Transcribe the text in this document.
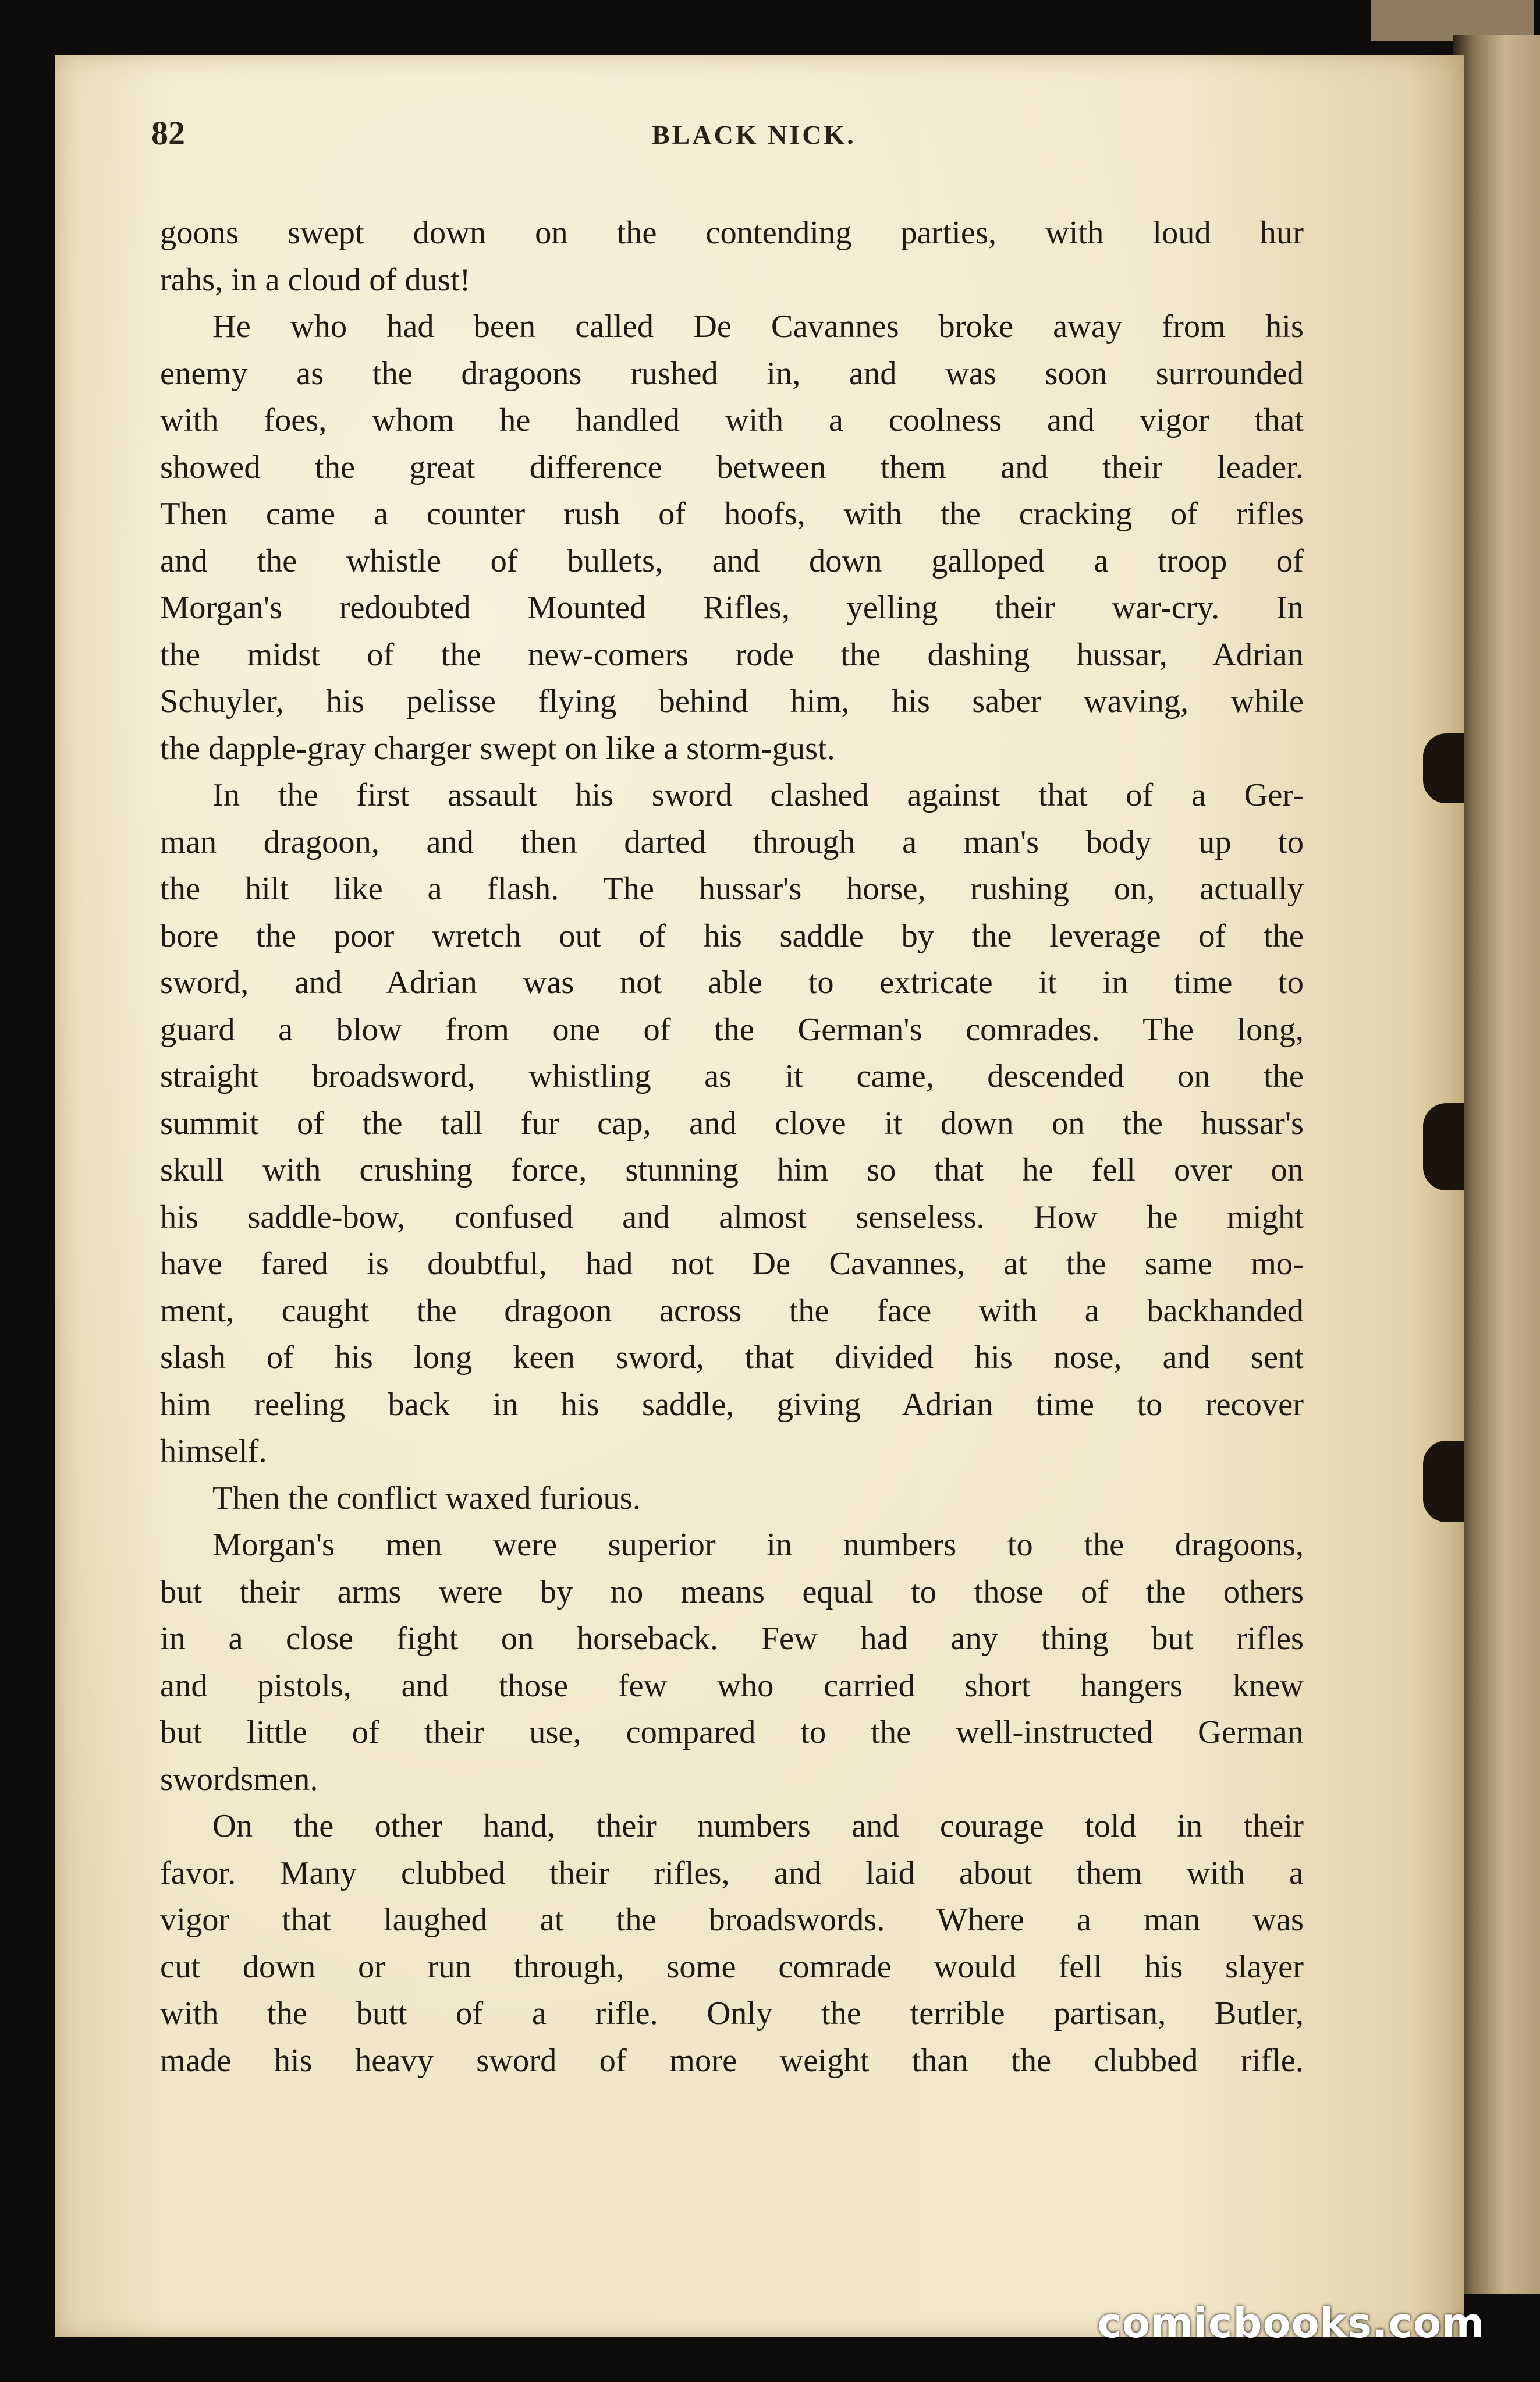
82	BLACK NICK.

goons swept down on the contending parties, with loud hur
rahs, in a cloud of dust!

He who had been called De Cavannes broke away from his
enemy as the dragoons rushed in, and was soon surrounded
with foes, whom he handled with a coolness and vigor that
showed the great difference between them and their leader.
Then came a counter rush of hoofs, with the cracking of rifles
and the whistle of bullets, and down galloped a troop of
Morgan's redoubted Mounted Rifles, yelling their war-cry. In
the midst of the new-comers rode the dashing hussar, Adrian
Schuyler, his pelisse flying behind him, his saber waving, while
the dapple-gray charger swept on like a storm-gust.

In the first assault his sword clashed against that of a Ger-
man dragoon, and then darted through a man's body up to
the hilt like a flash. The hussar's horse, rushing on, actually
bore the poor wretch out of his saddle by the leverage of the
sword, and Adrian was not able to extricate it in time to
guard a blow from one of the German's comrades. The long,
straight broadsword, whistling as it came, descended on the
summit of the tall fur cap, and clove it down on the hussar's
skull with crushing force, stunning him so that he fell over on
his saddle-bow, confused and almost senseless. How he might
have fared is doubtful, had not De Cavannes, at the same mo-
ment, caught the dragoon across the face with a backhanded
slash of his long keen sword, that divided his nose, and sent
him reeling back in his saddle, giving Adrian time to recover
himself.

Then the conflict waxed furious.

Morgan's men were superior in numbers to the dragoons,
but their arms were by no means equal to those of the others
in a close fight on horseback. Few had any thing but rifles
and pistols, and those few who carried short hangers knew
but little of their use, compared to the well-instructed German
swordsmen.

On the other hand, their numbers and courage told in their
favor. Many clubbed their rifles, and laid about them with a
vigor that laughed at the broadswords. Where a man was
cut down or run through, some comrade would fell his slayer
with the butt of a rifle. Only the terrible partisan, Butler,
made his heavy sword of more weight than the clubbed rifle.

comicbooks.com
